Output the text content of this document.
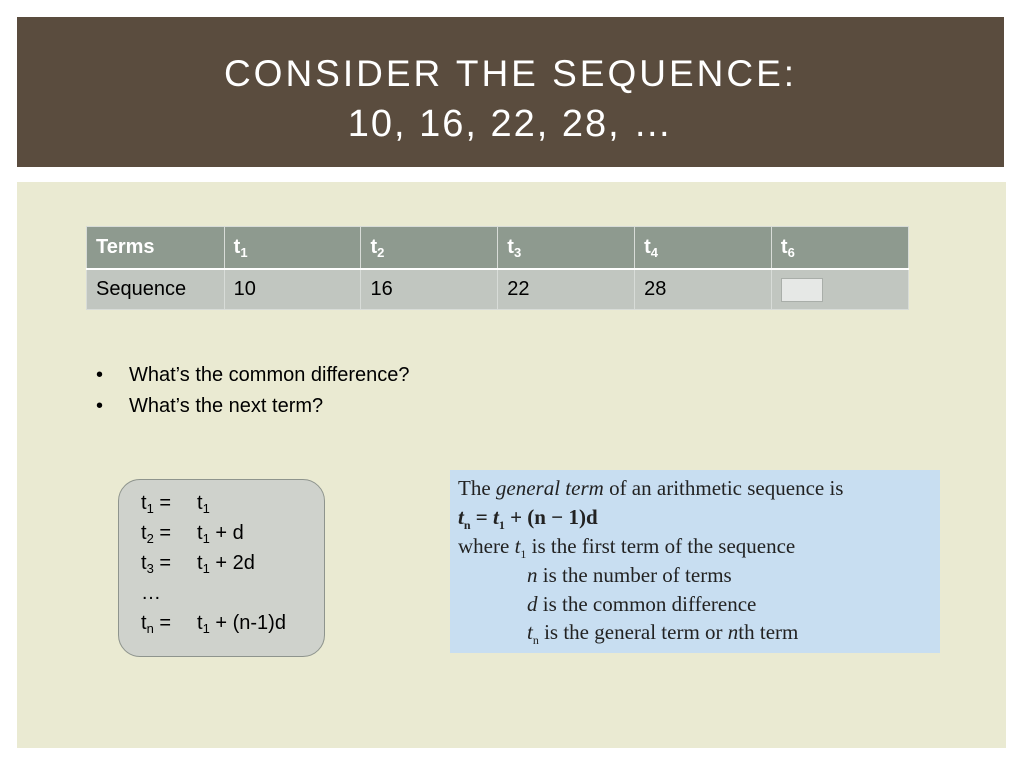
CONSIDER THE SEQUENCE:
10, 16, 22, 28, …
Terms	$t_1$	$t_2$	$t_3$	$t_4$	$t_6$
Sequence	10	16	22	28	
• What’s the common difference?
• What’s the next term?
$t_1 = t_1$
$t_2 = t_1 + d$
$t_3 = t_1 + 2d$
…
$t_n = t_1 + (n-1)d$
The general term of an arithmetic sequence is
$t_n = t_1 + (n - 1)d$
where $t_1$ is the first term of the sequence
n is the number of terms
d is the common difference
$t_n$ is the general term or nth term
